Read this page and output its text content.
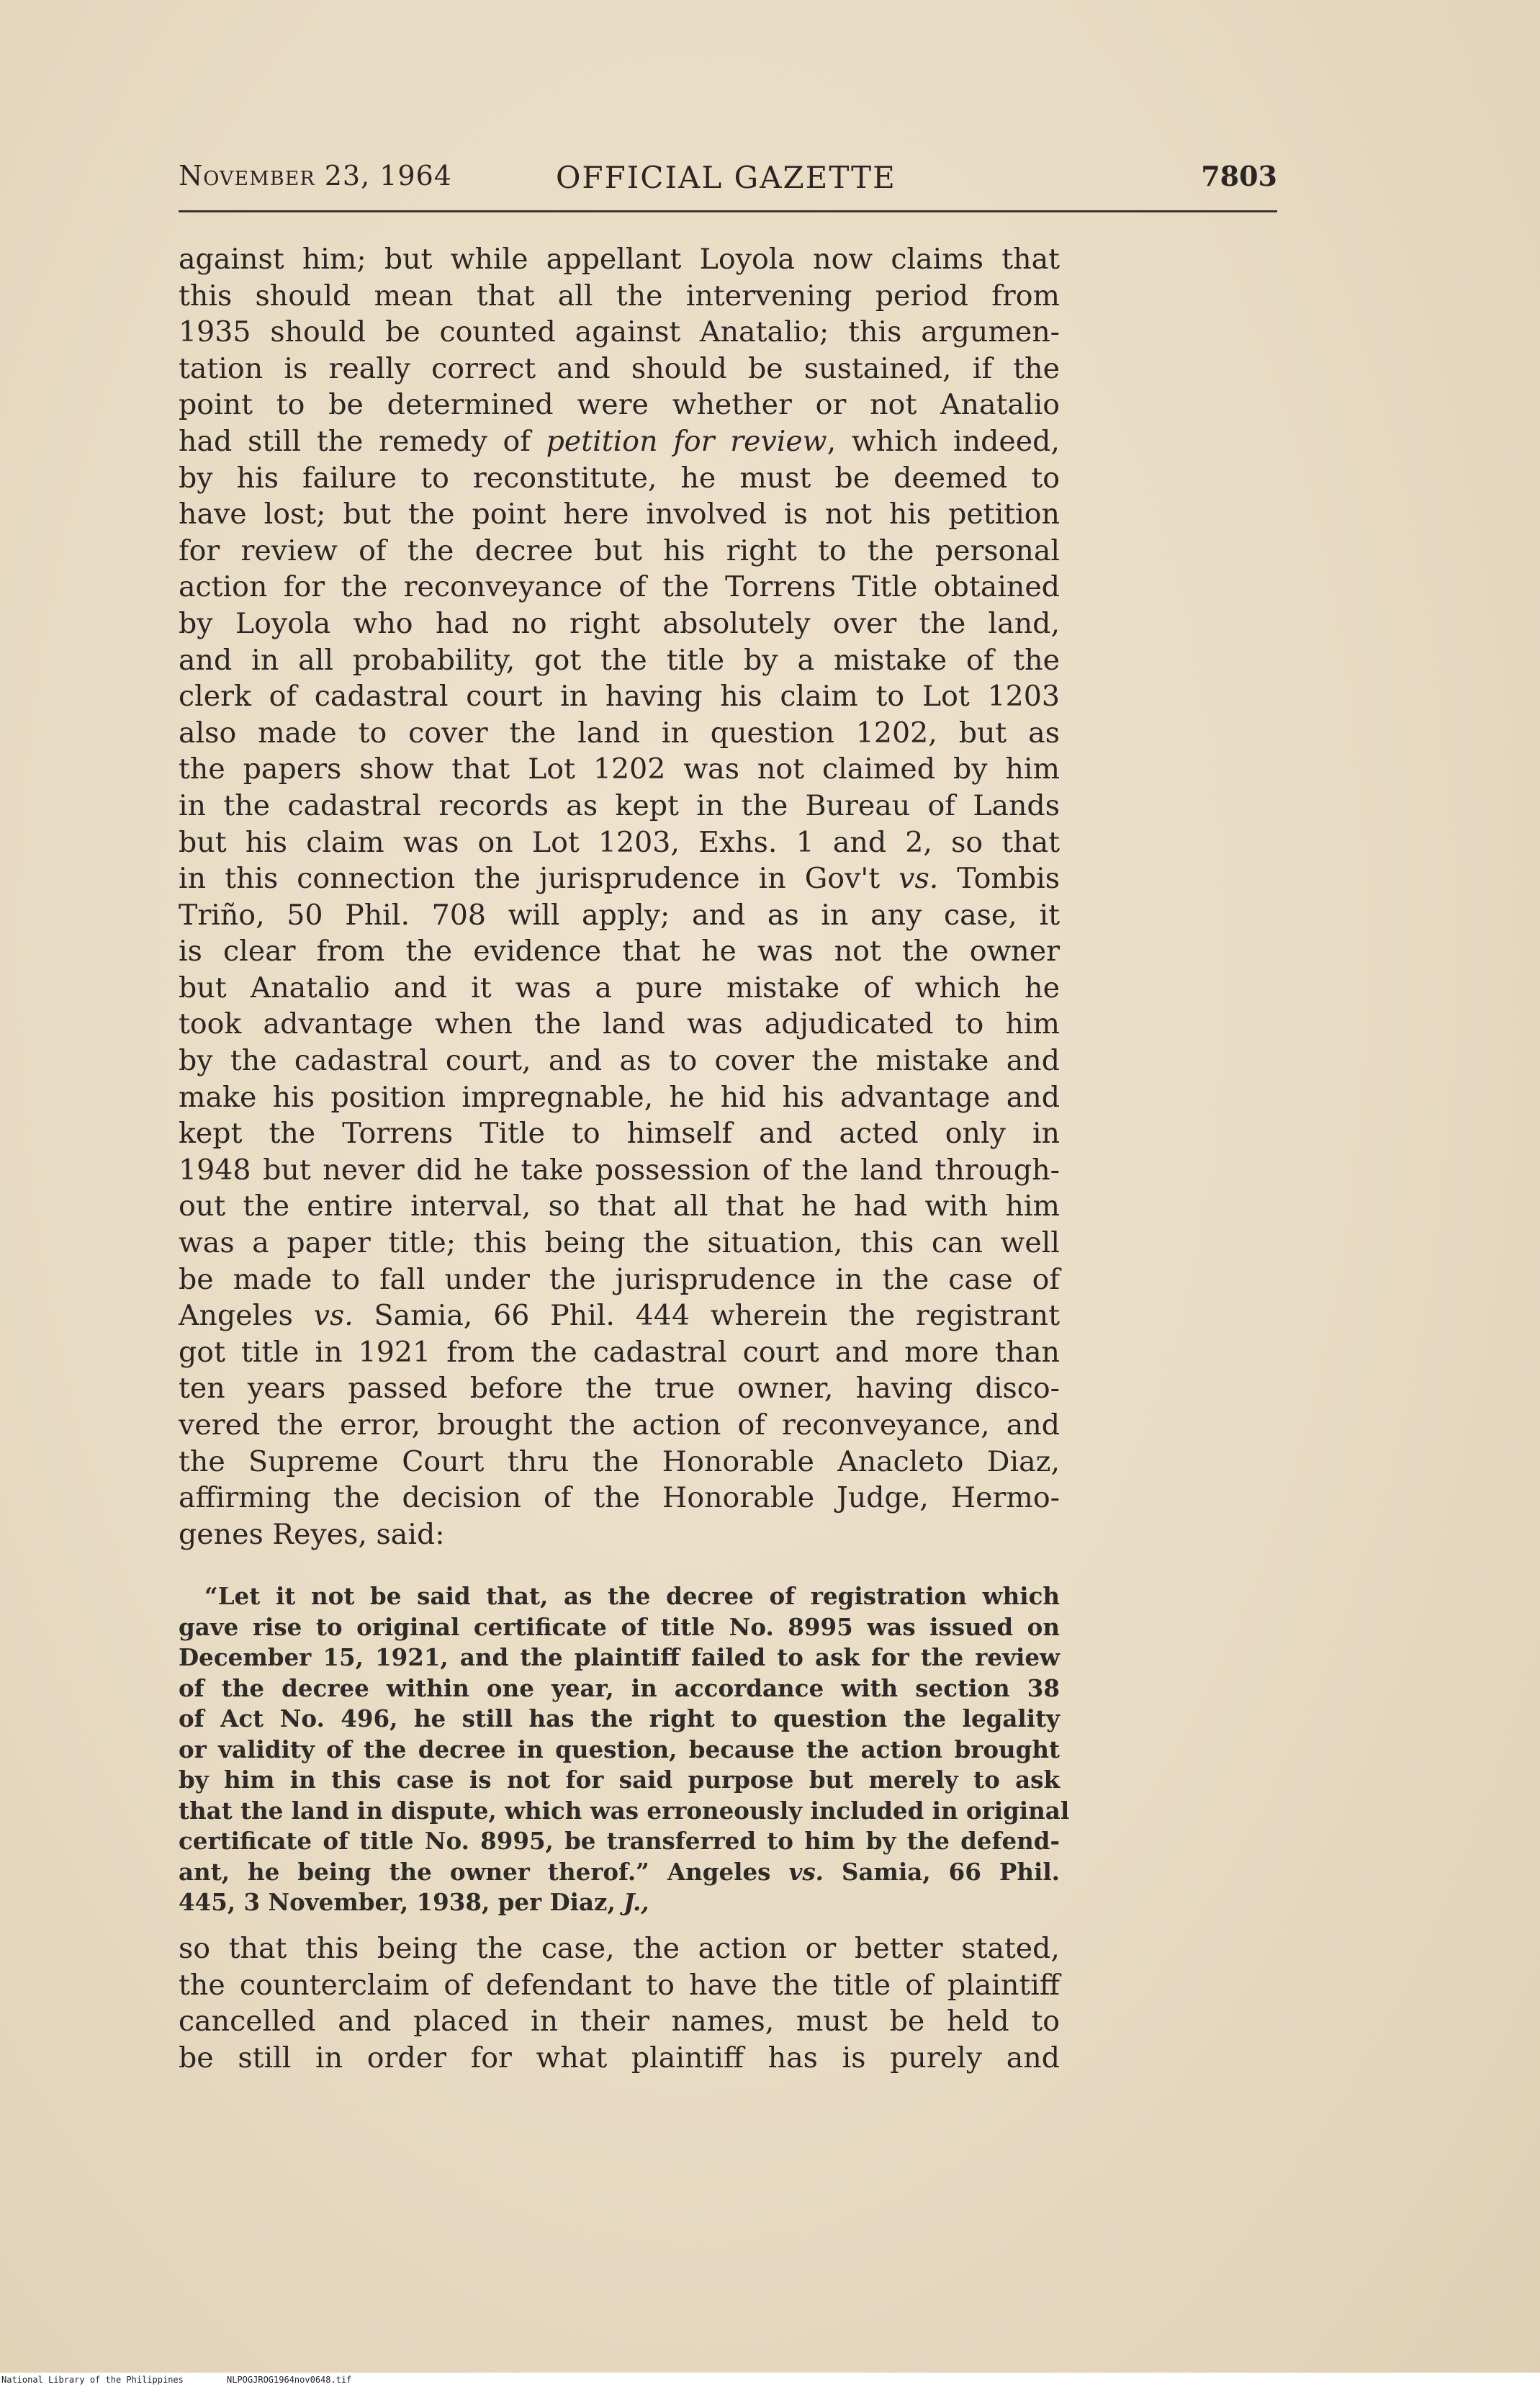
November 23, 1964	OFFICIAL GAZETTE	7803
against him; but while appellant Loyola now claims that
this should mean that all the intervening period from
1935 should be counted against Anatalio; this argumen-
tation is really correct and should be sustained, if the
point to be determined were whether or not Anatalio
had still the remedy of petition for review, which indeed,
by his failure to reconstitute, he must be deemed to
have lost; but the point here involved is not his petition
for review of the decree but his right to the personal
action for the reconveyance of the Torrens Title obtained
by Loyola who had no right absolutely over the land,
and in all probability, got the title by a mistake of the
clerk of cadastral court in having his claim to Lot 1203
also made to cover the land in question 1202, but as
the papers show that Lot 1202 was not claimed by him
in the cadastral records as kept in the Bureau of Lands
but his claim was on Lot 1203, Exhs. 1 and 2, so that
in this connection the jurisprudence in Gov't vs. Tombis
Triño, 50 Phil. 708 will apply; and as in any case, it
is clear from the evidence that he was not the owner
but Anatalio and it was a pure mistake of which he
took advantage when the land was adjudicated to him
by the cadastral court, and as to cover the mistake and
make his position impregnable, he hid his advantage and
kept the Torrens Title to himself and acted only in
1948 but never did he take possession of the land through-
out the entire interval, so that all that he had with him
was a paper title; this being the situation, this can well
be made to fall under the jurisprudence in the case of
Angeles vs. Samia, 66 Phil. 444 wherein the registrant
got title in 1921 from the cadastral court and more than
ten years passed before the true owner, having disco-
vered the error, brought the action of reconveyance, and
the Supreme Court thru the Honorable Anacleto Diaz,
affirming the decision of the Honorable Judge, Hermo-
genes Reyes, said:
“Let it not be said that, as the decree of registration which
gave rise to original certificate of title No. 8995 was issued on
December 15, 1921, and the plaintiff failed to ask for the review
of the decree within one year, in accordance with section 38
of Act No. 496, he still has the right to question the legality
or validity of the decree in question, because the action brought
by him in this case is not for said purpose but merely to ask
that the land in dispute, which was erroneously included in original
certificate of title No. 8995, be transferred to him by the defend-
ant, he being the owner therof.” Angeles vs. Samia, 66 Phil.
445, 3 November, 1938, per Diaz, J.,
so that this being the case, the action or better stated,
the counterclaim of defendant to have the title of plaintiff
cancelled and placed in their names, must be held to
be still in order for what plaintiff has is purely and
National Library of the Philippines	NLPOGJROG1964nov0648.tif
